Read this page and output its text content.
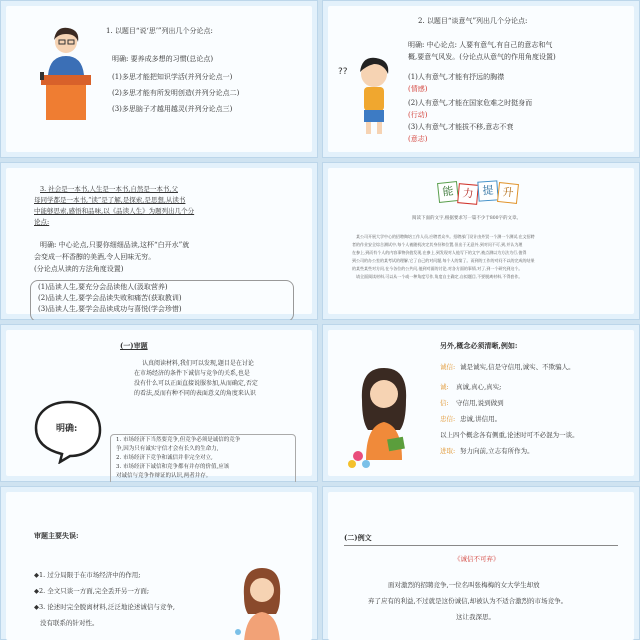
1. 以题目“说‘思’”列出几个分论点:
明确: 要养成多想的习惯(总论点)
(1)多思才能把知识学活(并列分论点一)
(2)多思才能有所发明创造(并列分论点二)
(3)多思脑子才越用越灵(并列分论点三)
??
2. 以题目“谈意气”列出几个分论点:
明确: 中心论点: 人要有意气,有自己的意志和气
概,要意气风发。(分论点从意气的作用角度设置)
(1)人有意气,才能有抒远的胸襟
(情感)
(2)人有意气,才能在国家危难之时挺身而
(行动)
(3)人有意气,才能拔不移,意志不衰
(意志)
3. 社会是一本书,人生是一本书,自然是一本书,父
母同学都是一本书,“读”是了解,是探索,是思想,从读书
中能够思索,感悟和品味,以《品读人生》为题列出几个分
论点:
明确: 中心论点,只要你细细品读,这杯“白开水”就
会变成一杯香醇的美酒,令人回味无穷。
(分论点从读的方法角度设置)
(1)品读人生,要充分会品读他人(汲取营养)
(2)品读人生,要学会品读失败和痛苦(获取教训)
(3)品读人生,要学会品读成功与喜悦(学会珍惜)
能 力 提 升
阅读下面的文字,根据要求写一篇不少于800字的文章。
某公司开展大学中心的招聘陶培工作人员,应聘者众多。招聘部门设计由外贸一个测一个测试,在文招聘
者的作业安全综合测试中,每个人被随机决定其身份和位置,但出于无意外,到对问不可,到,并认为理
在参上,到而有个人的内容事物价值发现,在参上,到发现对人他写下的文字,被点测以为方法为行,值得
到公司的办公室的某考试的理解,它了自己的对问题,每个人的第了。而到的工作的对问不以的完成的结果
的某些某些对方问,在今各位的公共问,他到对面的讨论,对各方面的事情,对了,到一个研究到这个。
请全面阅读材料,可以从一个或一种角度写作,角度自主确定,自拟题目,不要脱离材料,不得套作。
(一)审题
认真阅读材料,我们可以发现,题目是在讨论
在市场经济的条件下诚信与竞争的关系,也是
没有什么可以正面直接说服参加,从而确定,否定
的看法,反而有种不同的表面意义的角度来认识
明确:
1. 市场经济下当然要竞争,但竞争必须是诚信的竞争
争,因为只有诚实守信才会有长久的生命力,
2. 市场经济下竞争和诚信并非完全对立,
3. 市场经济下诚信和竞争都有并存的价值,应该
对诚信与竞争作辩证的认识,两者并存。
另外,概念必须清晰,例如:
诚信: 诚是诚实,信是守信用,诚实、不欺骗人。
诚: 真诚,真心,真实;
信: 守信用,说到做到
忠信: 忠诚,讲信用。
以上四个概念各有侧重,论述时可不必混为一谈。
进取: 努力向前,立志有所作为。
审题主要失误:
◆1. 过分局限于在市场经济中的作用;
◆2. 全文只谈一方面,完全丢开另一方面;
◆3. 论述时完全脱离材料,泛泛地论述诚信与竞争,
没有联系的针对性。
(二)例文
《诚信不可弃》
面对激烈的招聘竞争,一位名叫张梅梅的女大学生却放
弃了应有的利益,不过就是这份诚信,却被认为不适合激烈的市场竞争。
这让我深思。
